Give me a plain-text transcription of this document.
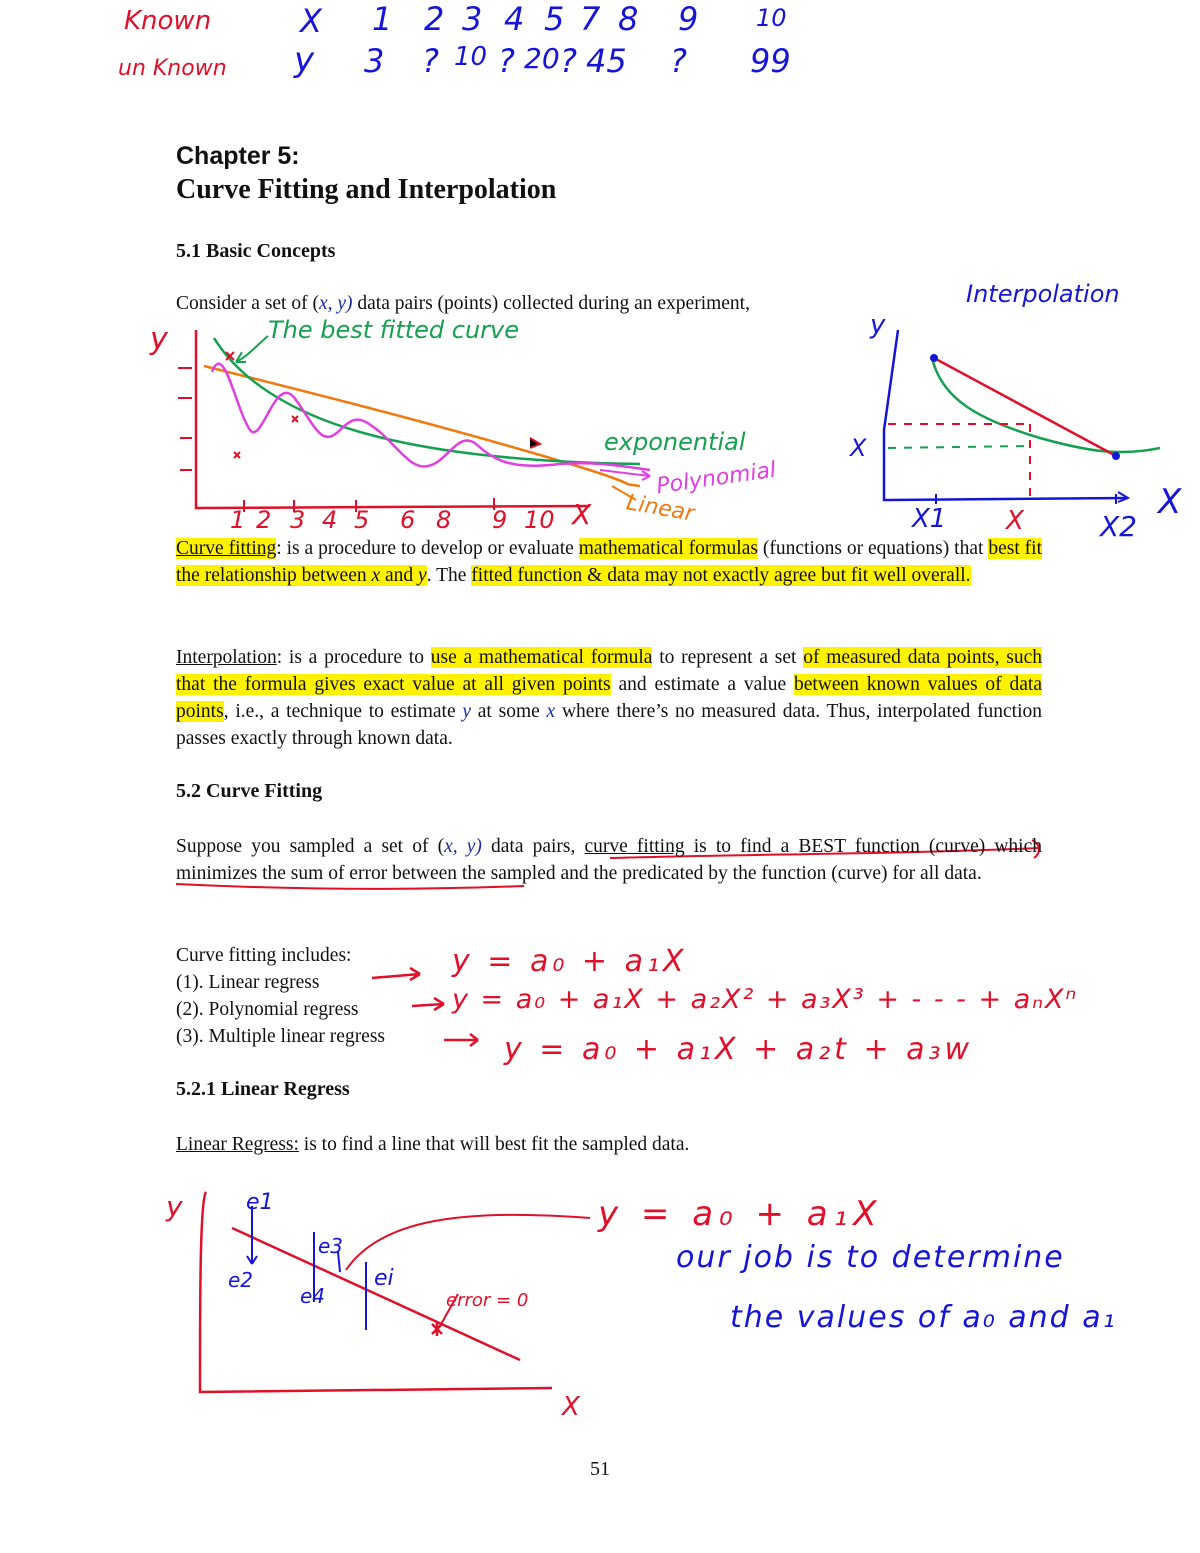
Known
un Known
X
y
1 2 3 4 5 7 8 9 10
3 ? 10 ? 20 ? 45 ? 99
Chapter 5:
Curve Fitting and Interpolation
5.1 Basic Concepts
Consider a set of (x, y) data pairs (points) collected during an experiment,
y	The best fitted curve
exponential
Polynomial
Linear
X
1 2 3 4 5 6 8 9 10
Interpolation
y
X
X
X1 X	X2
Curve fitting: is a procedure to develop or evaluate mathematical formulas (functions or equations) that best fit the relationship between x and y. The fitted function & data may not exactly agree but fit well overall.
Interpolation: is a procedure to use a mathematical formula to represent a set of measured data points, such that the formula gives exact value at all given points and estimate a value between known values of data points, i.e., a technique to estimate y at some x where there’s no measured data. Thus, interpolated function passes exactly through known data.
5.2 Curve Fitting
Suppose you sampled a set of (x, y) data pairs, curve fitting is to find a BEST function (curve) which minimizes the sum of error between the sampled and the predicated by the function (curve) for all data.
Curve fitting includes:
(1). Linear regress
(2). Polynomial regress
(3). Multiple linear regress
y = a₀ + a₁X
y = a₀ + a₁X + a₂X² + a₃X³ + - - - + aₙXⁿ
y = a₀ + a₁X + a₂t + a₃w
5.2.1 Linear Regress
Linear Regress: is to find a line that will best fit the sampled data.
y
X
e1
e2
e3
e4
ei
error = 0
y = a₀ + a₁X
our job is to determine
the values of a₀ and a₁
51
